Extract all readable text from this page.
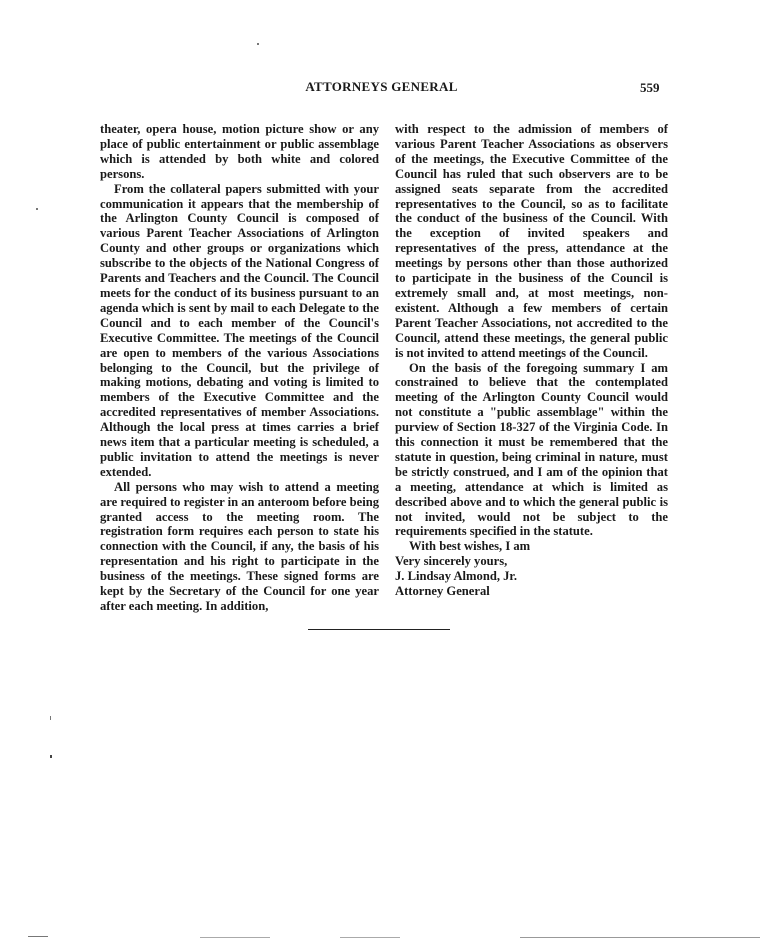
ATTORNEYS GENERAL	559

theater, opera house, motion picture show or any place of public entertainment or public assemblage which is attended by both white and colored persons.

From the collateral papers submitted with your communication it appears that the membership of the Arlington County Council is composed of various Parent Teacher Associations of Arlington County and other groups or organizations which subscribe to the objects of the National Congress of Parents and Teachers and the Council. The Council meets for the conduct of its business pursuant to an agenda which is sent by mail to each Delegate to the Council and to each member of the Council's Executive Committee. The meetings of the Council are open to members of the various Associations belonging to the Council, but the privilege of making motions, debating and voting is limited to members of the Executive Committee and the accredited representatives of member Associations. Although the local press at times carries a brief news item that a particular meeting is scheduled, a public invitation to attend the meetings is never extended.

All persons who may wish to attend a meeting are required to register in an anteroom before being granted access to the meeting room. The registration form requires each person to state his connection with the Council, if any, the basis of his representation and his right to participate in the business of the meetings. These signed forms are kept by the Secretary of the Council for one year after each meeting. In addition,

with respect to the admission of members of various Parent Teacher Associations as observers of the meetings, the Executive Committee of the Council has ruled that such observers are to be assigned seats separate from the accredited representatives to the Council, so as to facilitate the conduct of the business of the Council. With the exception of invited speakers and representatives of the press, attendance at the meetings by persons other than those authorized to participate in the business of the Council is extremely small and, at most meetings, non-existent. Although a few members of certain Parent Teacher Associations, not accredited to the Council, attend these meetings, the general public is not invited to attend meetings of the Council.

On the basis of the foregoing summary I am constrained to believe that the contemplated meeting of the Arlington County Council would not constitute a "public assemblage" within the purview of Section 18-327 of the Virginia Code. In this connection it must be remembered that the statute in question, being criminal in nature, must be strictly construed, and I am of the opinion that a meeting, attendance at which is limited as described above and to which the general public is not invited, would not be subject to the requirements specified in the statute.

With best wishes, I am

Very sincerely yours,

J. Lindsay Almond, Jr.

Attorney General
